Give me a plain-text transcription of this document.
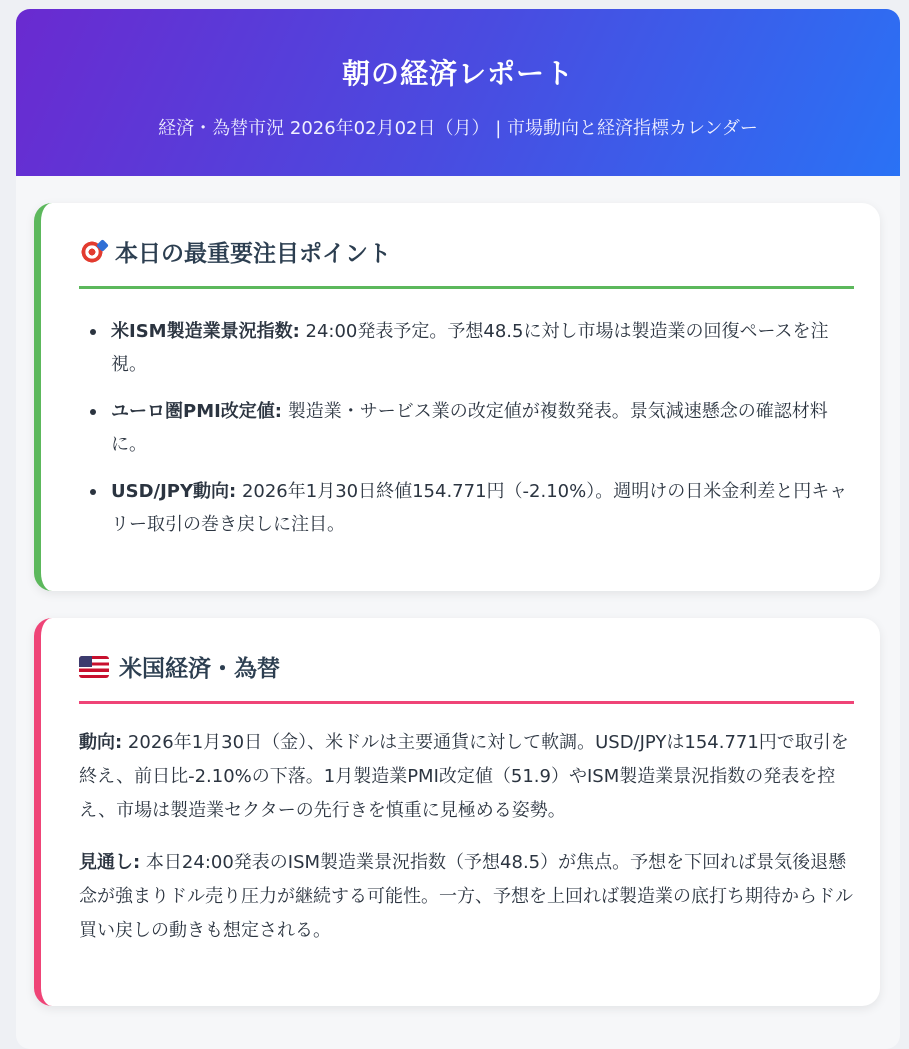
朝の経済レポート
経済・為替市況 2026年02月02日（月） | 市場動向と経済指標カレンダー
本日の最重要注目ポイント
米ISM製造業景況指数: 24:00発表予定。予想48.5に対し市場は製造業の回復ペースを注視。
ユーロ圏PMI改定値: 製造業・サービス業の改定値が複数発表。景気減速懸念の確認材料に。
USD/JPY動向: 2026年1月30日終値154.771円（-2.10%）。週明けの日米金利差と円キャリー取引の巻き戻しに注目。
米国経済・為替

動向: 2026年1月30日（金）、米ドルは主要通貨に対して軟調。USD/JPYは154.771円で取引を終え、前日比-2.10%の下落。1月製造業PMI改定値（51.9）やISM製造業景況指数の発表を控え、市場は製造業セクターの先行きを慎重に見極める姿勢。

見通し: 本日24:00発表のISM製造業景況指数（予想48.5）が焦点。予想を下回れば景気後退懸念が強まりドル売り圧力が継続する可能性。一方、予想を上回れば製造業の底打ち期待からドル買い戻しの動きも想定される。
